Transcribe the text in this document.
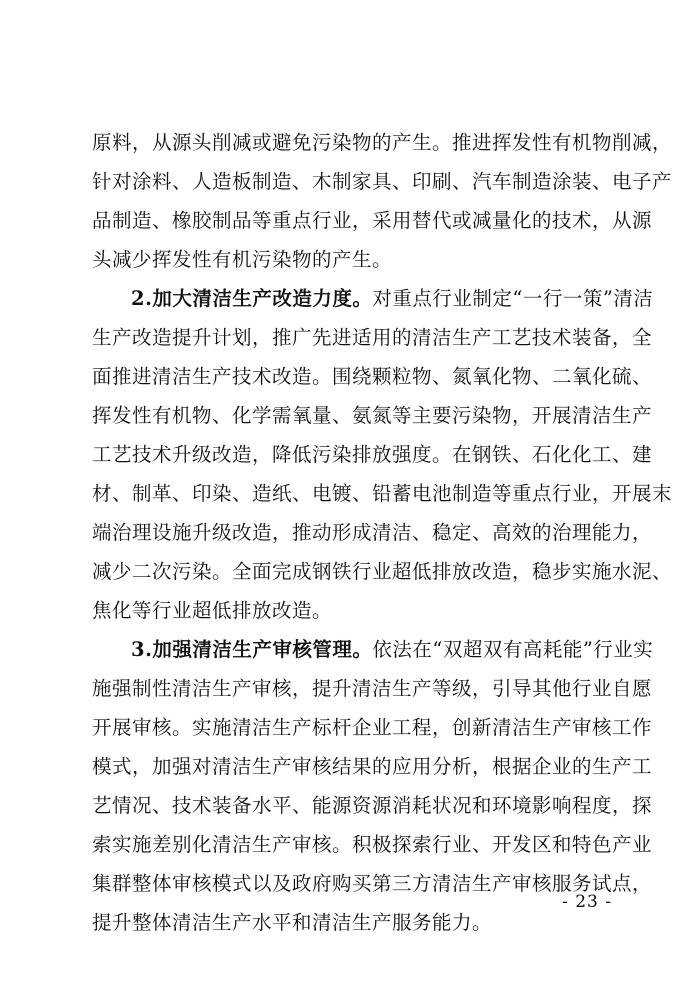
原料，从源头削减或避免污染物的产生。推进挥发性有机物削减，
针对涂料、人造板制造、木制家具、印刷、汽车制造涂装、电子产
品制造、橡胶制品等重点行业，采用替代或减量化的技术，从源
头减少挥发性有机污染物的产生。
2.加大清洁生产改造力度。对重点行业制定“一行一策”清洁
生产改造提升计划，推广先进适用的清洁生产工艺技术装备，全
面推进清洁生产技术改造。围绕颗粒物、氮氧化物、二氧化硫、
挥发性有机物、化学需氧量、氨氮等主要污染物，开展清洁生产
工艺技术升级改造，降低污染排放强度。在钢铁、石化化工、建
材、制革、印染、造纸、电镀、铅蓄电池制造等重点行业，开展末
端治理设施升级改造，推动形成清洁、稳定、高效的治理能力，
减少二次污染。全面完成钢铁行业超低排放改造，稳步实施水泥、
焦化等行业超低排放改造。
3.加强清洁生产审核管理。依法在“双超双有高耗能”行业实
施强制性清洁生产审核，提升清洁生产等级，引导其他行业自愿
开展审核。实施清洁生产标杆企业工程，创新清洁生产审核工作
模式，加强对清洁生产审核结果的应用分析，根据企业的生产工
艺情况、技术装备水平、能源资源消耗状况和环境影响程度，探
索实施差别化清洁生产审核。积极探索行业、开发区和特色产业
集群整体审核模式以及政府购买第三方清洁生产审核服务试点，
提升整体清洁生产水平和清洁生产服务能力。
- 23 -
